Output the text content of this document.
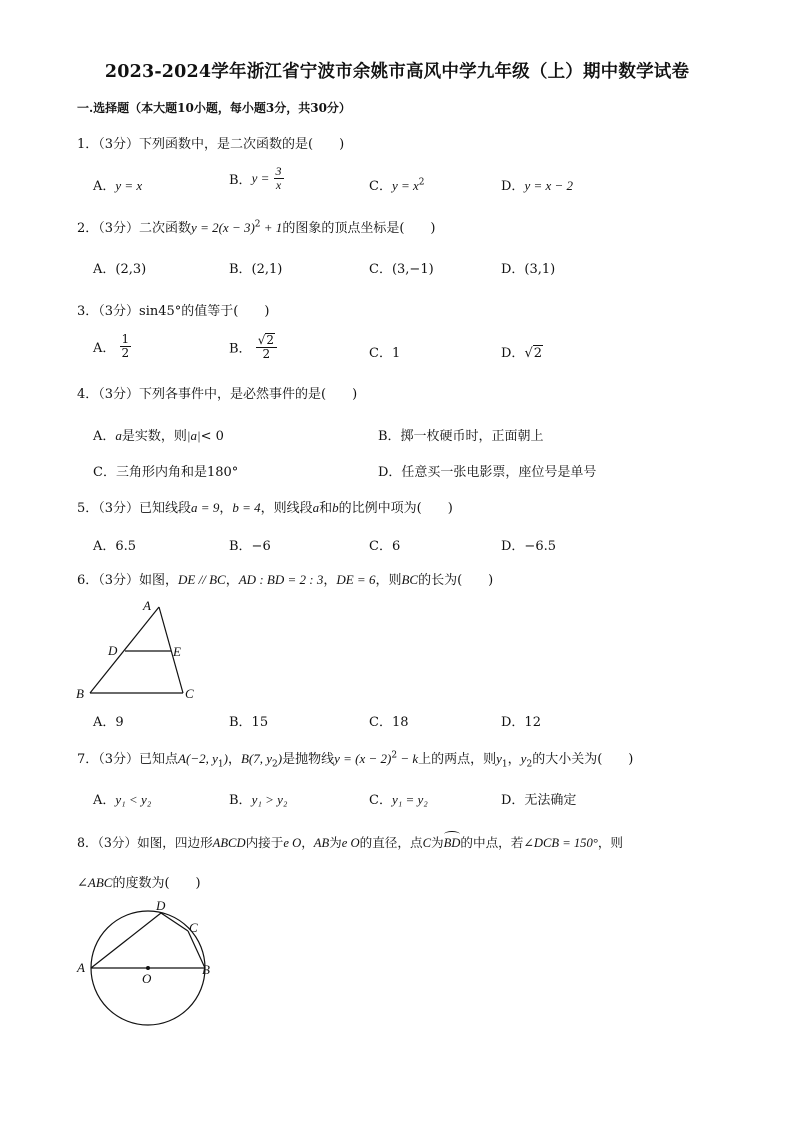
2023-2024学年浙江省宁波市余姚市高风中学九年级（上）期中数学试卷
一.选择题（本大题10小题，每小题3分，共30分）
1．（3分）下列函数中，是二次函数的是(　　)
A．y = x	B．$y = \frac{3}{x}$	C．$y = x^2$	D．y = x − 2
2．（3分）二次函数$y = 2(x - 3)^2 + 1$的图象的顶点坐标是(　　)
A．(2,3)	B．(2,1)	C．(3,−1)	D．(3,1)
3．（3分）sin45°的值等于(　　)
A． $\frac{1}{2}$	B． $\frac{√2}{2}$	C．1	D．√2
4．（3分）下列各事件中，是必然事件的是(　　)
A．a是实数，则|a|< 0	B．掷一枚硬币时，正面朝上
C．三角形内角和是180°	D．任意买一张电影票，座位号是单号
5．（3分）已知线段a = 9，b = 4，则线段a和b的比例中项为(　　)
A．6.5	B．−6	C．6	D．−6.5
6．（3分）如图，DE // BC，AD : BD = 2 : 3，DE = 6，则BC的长为(　　)
A
D	E
B	C
A．9	B．15	C．18	D．12
7．（3分）已知点A(−2, $y_1$)，B(7, $y_2$)是抛物线$y = (x - 2)^2 - k$上的两点，则$y_1$，$y_2$的大小关为(　　)
A．y₁ < y₂	B．y₁ > y₂	C．y₁ = y₂	D．无法确定
8．（3分）如图，四边形ABCD内接于e O，AB为e O的直径，点C为
BD的中点，若∠DCB = 150°，则
∠ABC的度数为(　　)
A
D
C
B
O
